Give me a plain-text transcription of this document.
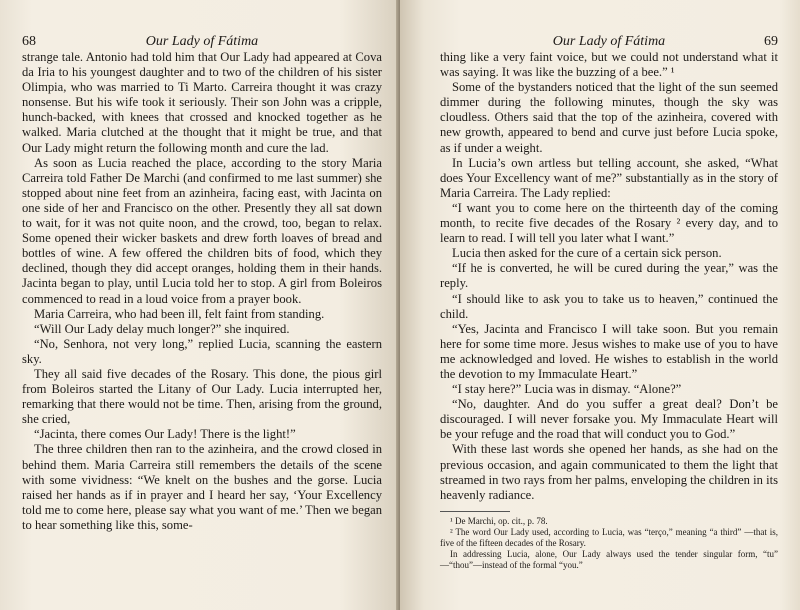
68	Our Lady of Fátima

strange tale. Antonio had told him that Our Lady had appeared at Cova da Iria to his youngest daughter and to two of the children of his sister Olimpia, who was married to Ti Marto. Carreira thought it was crazy nonsense. But his wife took it seriously. Their son John was a cripple, hunch-backed, with knees that crossed and knocked together as he walked. Maria clutched at the thought that it might be true, and that Our Lady might return the following month and cure the lad.

As soon as Lucia reached the place, according to the story Maria Carreira told Father De Marchi (and confirmed to me last summer) she stopped about nine feet from an azinheira, facing east, with Jacinta on one side of her and Francisco on the other. Presently they all sat down to wait, for it was not quite noon, and the crowd, too, began to relax. Some opened their wicker baskets and drew forth loaves of bread and bottles of wine. A few offered the children bits of food, which they declined, though they did accept oranges, holding them in their hands. Jacinta began to play, until Lucia told her to stop. A girl from Boleiros commenced to read in a loud voice from a prayer book.

Maria Carreira, who had been ill, felt faint from standing.

“Will Our Lady delay much longer?” she inquired.

“No, Senhora, not very long,” replied Lucia, scanning the eastern sky.

They all said five decades of the Rosary. This done, the pious girl from Boleiros started the Litany of Our Lady. Lucia interrupted her, remarking that there would not be time. Then, arising from the ground, she cried,

“Jacinta, there comes Our Lady! There is the light!”

The three children then ran to the azinheira, and the crowd closed in behind them. Maria Carreira still remembers the details of the scene with some vividness: “We knelt on the bushes and the gorse. Lucia raised her hands as if in prayer and I heard her say, ‘Your Excellency told me to come here, please say what you want of me.’ Then we began to hear something like this, some-

Our Lady of Fátima	69

thing like a very faint voice, but we could not understand what it was saying. It was like the buzzing of a bee.” ¹

Some of the bystanders noticed that the light of the sun seemed dimmer during the following minutes, though the sky was cloudless. Others said that the top of the azinheira, covered with new growth, appeared to bend and curve just before Lucia spoke, as if under a weight.

In Lucia’s own artless but telling account, she asked, “What does Your Excellency want of me?” substantially as in the story of Maria Carreira. The Lady replied:

“I want you to come here on the thirteenth day of the coming month, to recite five decades of the Rosary ² every day, and to learn to read. I will tell you later what I want.”

Lucia then asked for the cure of a certain sick person.

“If he is converted, he will be cured during the year,” was the reply.

“I should like to ask you to take us to heaven,” continued the child.

“Yes, Jacinta and Francisco I will take soon. But you remain here for some time more. Jesus wishes to make use of you to have me acknowledged and loved. He wishes to establish in the world the devotion to my Immaculate Heart.”

“I stay here?” Lucia was in dismay. “Alone?”

“No, daughter. And do you suffer a great deal? Don’t be discouraged. I will never forsake you. My Immaculate Heart will be your refuge and the road that will conduct you to God.”

With these last words she opened her hands, as she had on the previous occasion, and again communicated to them the light that streamed in two rays from her palms, enveloping the children in its heavenly radiance.

¹ De Marchi, op. cit., p. 78.

² The word Our Lady used, according to Lucia, was “terço,” meaning “a third” —that is, five of the fifteen decades of the Rosary.

In addressing Lucia, alone, Our Lady always used the tender singular form, “tu” —“thou”—instead of the formal “you.”
